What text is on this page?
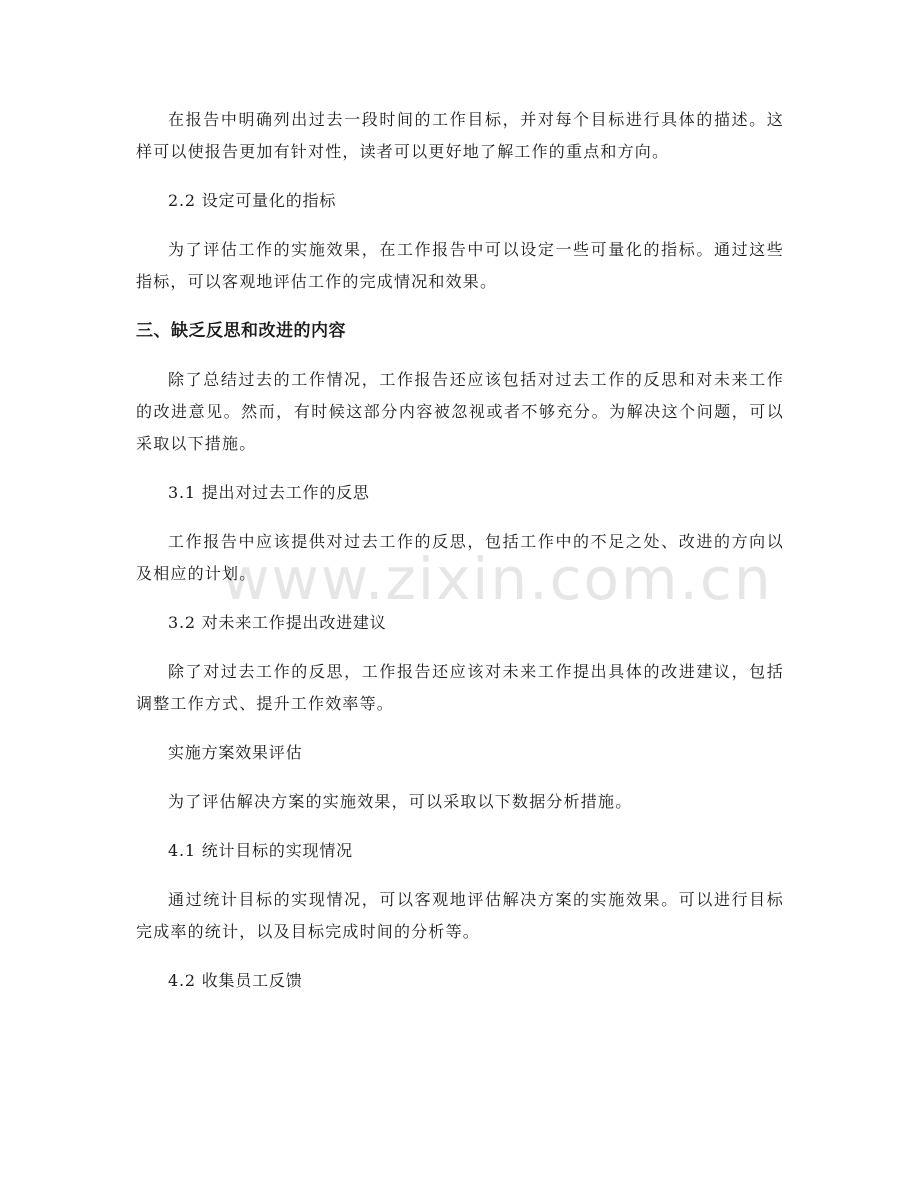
www.zixin.com.cn

在报告中明确列出过去一段时间的工作目标，并对每个目标进行具体的描述。这样可以使报告更加有针对性，读者可以更好地了解工作的重点和方向。

2.2 设定可量化的指标

为了评估工作的实施效果，在工作报告中可以设定一些可量化的指标。通过这些指标，可以客观地评估工作的完成情况和效果。

三、缺乏反思和改进的内容

除了总结过去的工作情况，工作报告还应该包括对过去工作的反思和对未来工作的改进意见。然而，有时候这部分内容被忽视或者不够充分。为解决这个问题，可以采取以下措施。

3.1 提出对过去工作的反思

工作报告中应该提供对过去工作的反思，包括工作中的不足之处、改进的方向以及相应的计划。

3.2 对未来工作提出改进建议

除了对过去工作的反思，工作报告还应该对未来工作提出具体的改进建议，包括调整工作方式、提升工作效率等。

实施方案效果评估

为了评估解决方案的实施效果，可以采取以下数据分析措施。

4.1 统计目标的实现情况

通过统计目标的实现情况，可以客观地评估解决方案的实施效果。可以进行目标完成率的统计，以及目标完成时间的分析等。

4.2 收集员工反馈
